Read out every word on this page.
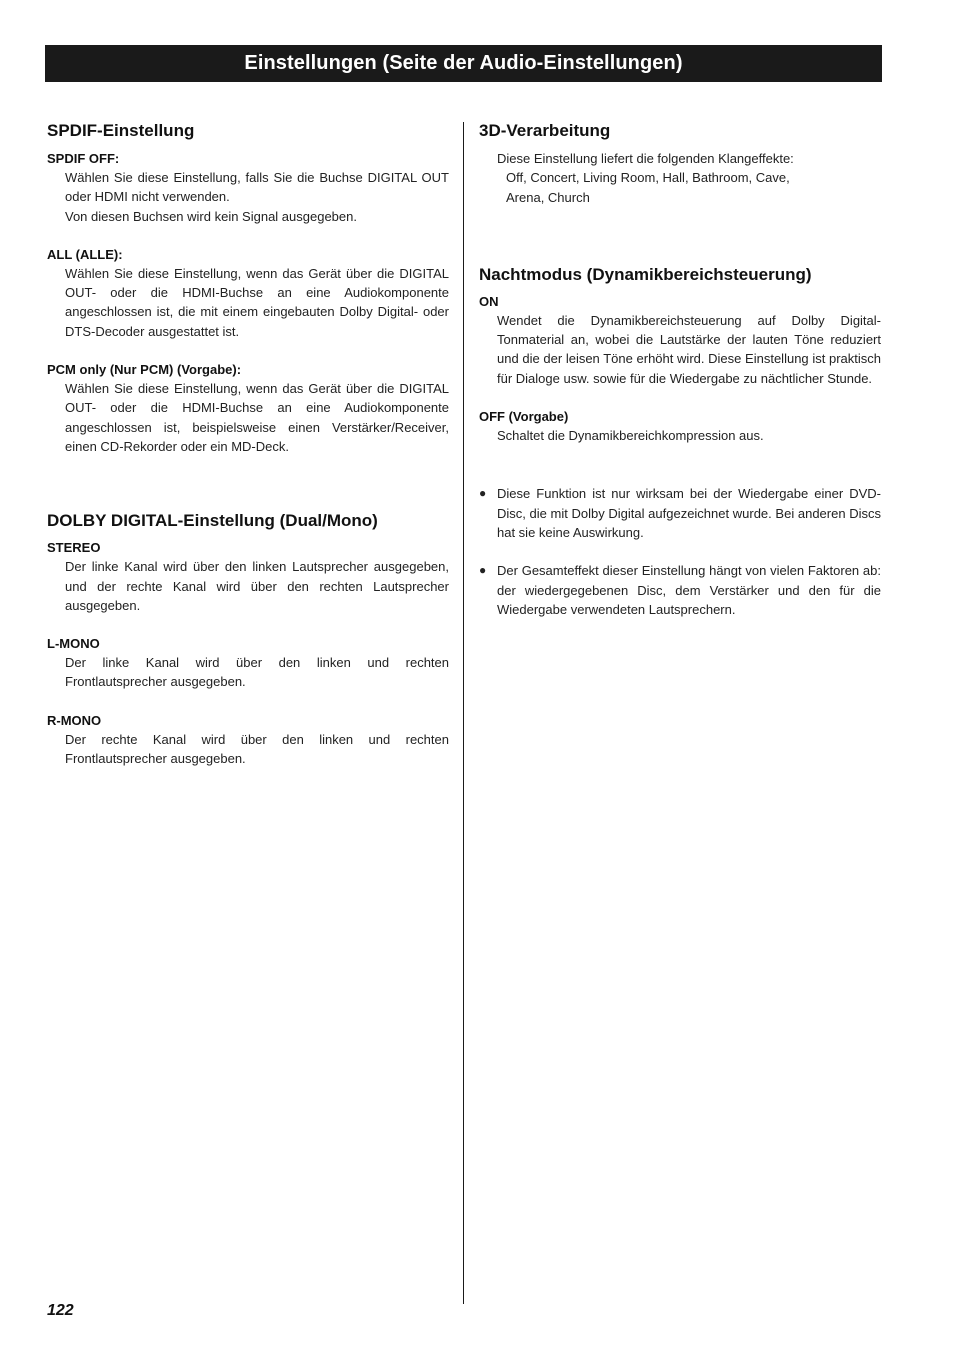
Einstellungen (Seite der Audio-Einstellungen)
SPDIF-Einstellung

SPDIF OFF:

Wählen Sie diese Einstellung, falls Sie die Buchse DIGITAL OUT oder HDMI nicht verwenden.

Von diesen Buchsen wird kein Signal ausgegeben.

ALL (ALLE):

Wählen Sie diese Einstellung, wenn das Gerät über die DIGITAL OUT- oder die HDMI-Buchse an eine Audiokomponente angeschlossen ist, die mit einem eingebauten Dolby Digital- oder DTS-Decoder ausgestattet ist.

PCM only (Nur PCM) (Vorgabe):

Wählen Sie diese Einstellung, wenn das Gerät über die DIGITAL OUT- oder die HDMI-Buchse an eine Audiokomponente angeschlossen ist, beispielsweise einen Verstärker/Receiver, einen CD-Rekorder oder ein MD-Deck.

DOLBY DIGITAL-Einstellung (Dual/Mono)

STEREO

Der linke Kanal wird über den linken Lautsprecher ausgegeben, und der rechte Kanal wird über den rechten Lautsprecher ausgegeben.

L-MONO

Der linke Kanal wird über den linken und rechten Frontlautsprecher ausgegeben.

R-MONO

Der rechte Kanal wird über den linken und rechten Frontlautsprecher ausgegeben.

3D-Verarbeitung

Diese Einstellung liefert die folgenden Klangeffekte:

Off, Concert, Living Room, Hall, Bathroom, Cave,

Arena, Church

Nachtmodus (Dynamikbereichsteuerung)

ON

Wendet die Dynamikbereichsteuerung auf Dolby Digital-Tonmaterial an, wobei die Lautstärke der lauten Töne reduziert und die der leisen Töne erhöht wird. Diese Einstellung ist praktisch für Dialoge usw. sowie für die Wiedergabe zu nächtlicher Stunde.

OFF (Vorgabe)

Schaltet die Dynamikbereichkompression aus.

● Diese Funktion ist nur wirksam bei der Wiedergabe einer DVD-Disc, die mit Dolby Digital aufgezeichnet wurde. Bei anderen Discs hat sie keine Auswirkung.
● Der Gesamteffekt dieser Einstellung hängt von vielen Faktoren ab: der wiedergegebenen Disc, dem Verstärker und den für die Wiedergabe verwendeten Lautsprechern.
122
